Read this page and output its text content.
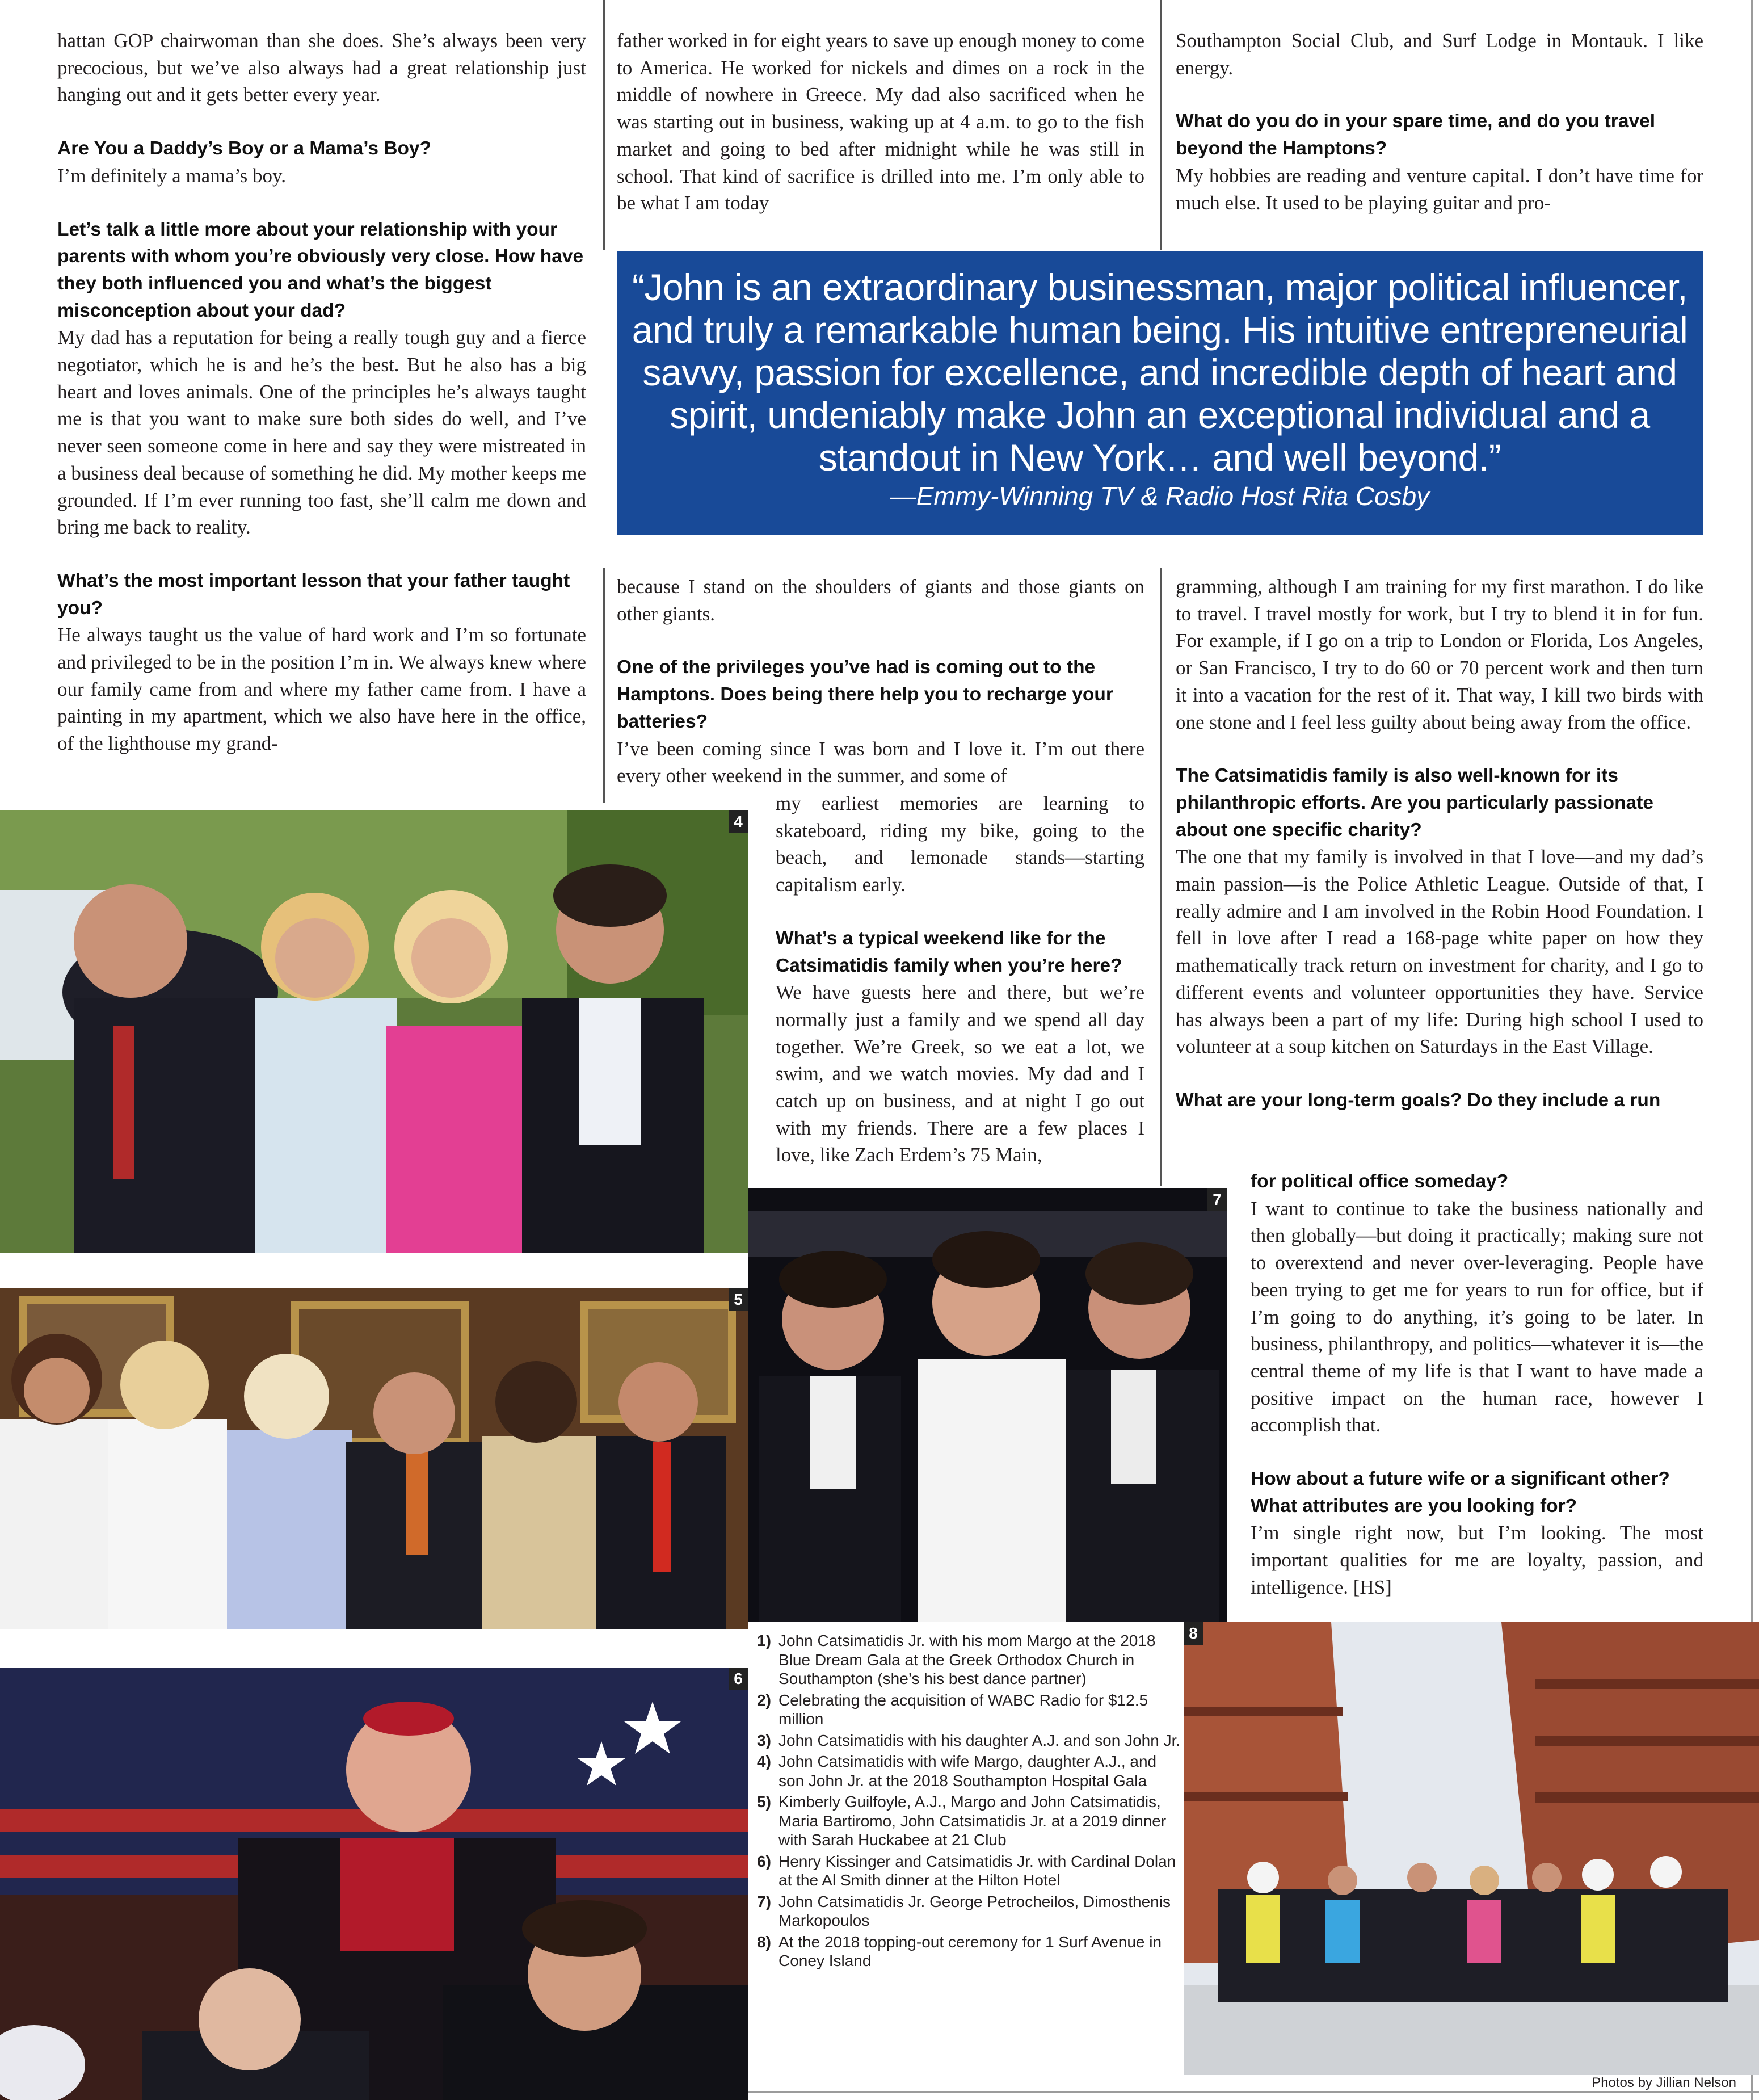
hattan GOP chairwoman than she does. She’s always been very precocious, but we’ve also always had a great relationship just hanging out and it gets better every year.
Are You a Daddy’s Boy or a Mama’s Boy?
I’m definitely a mama’s boy.
Let’s talk a little more about your relationship with your parents with whom you’re obviously very close. How have they both influenced you and what’s the biggest misconception about your dad?
My dad has a reputation for being a really tough guy and a fierce negotiator, which he is and he’s the best. But he also has a big heart and loves animals. One of the principles he’s always taught me is that you want to make sure both sides do well, and I’ve never seen someone come in here and say they were mistreated in a business deal because of something he did. My mother keeps me grounded. If I’m ever running too fast, she’ll calm me down and bring me back to reality.
What’s the most important lesson that your father taught you?
He always taught us the value of hard work and I’m so fortunate and privileged to be in the position I’m in. We always knew where our family came from and where my father came from. I have a painting in my apartment, which we also have here in the office, of the lighthouse my grand-
father worked in for eight years to save up enough money to come to America. He worked for nickels and dimes on a rock in the middle of nowhere in Greece. My dad also sacrificed when he was starting out in business, waking up at 4 a.m. to go to the fish market and going to bed after midnight while he was still in school. That kind of sacrifice is drilled into me. I’m only able to be what I am today
Southampton Social Club, and Surf Lodge in Montauk. I like energy.
What do you do in your spare time, and do you travel beyond the Hamptons?
My hobbies are reading and venture capital. I don’t have time for much else. It used to be playing guitar and pro-
“John is an extraordinary businessman, major political influencer, and truly a remarkable human being. His intuitive entrepreneurial savvy, passion for excellence, and incredible depth of heart and spirit, undeniably make John an exceptional individual and a standout in New York… and well beyond.”
—Emmy-Winning TV & Radio Host Rita Cosby
because I stand on the shoulders of giants and those giants on other giants.
One of the privileges you’ve had is coming out to the Hamptons. Does being there help you to recharge your batteries?
I’ve been coming since I was born and I love it. I’m out there every other weekend in the summer, and some of
my earliest memories are learning to skateboard, riding my bike, going to the beach, and lemonade stands—starting capitalism early.
What’s a typical weekend like for the Catsimatidis family when you’re here?
We have guests here and there, but we’re normally just a family and we spend all day together. We’re Greek, so we eat a lot, we swim, and we watch movies. My dad and I catch up on business, and at night I go out with my friends. There are a few places I love, like Zach Erdem’s 75 Main,
gramming, although I am training for my first marathon. I do like to travel. I travel mostly for work, but I try to blend it in for fun. For example, if I go on a trip to London or Florida, Los Angeles, or San Francisco, I try to do 60 or 70 percent work and then turn it into a vacation for the rest of it. That way, I kill two birds with one stone and I feel less guilty about being away from the office.
The Catsimatidis family is also well-known for its philanthropic efforts. Are you particularly passionate about one specific charity?
The one that my family is involved in that I love—and my dad’s main passion—is the Police Athletic League. Outside of that, I really admire and I am involved in the Robin Hood Foundation. I fell in love after I read a 168-page white paper on how they mathematically track return on investment for charity, and I go to different events and volunteer opportunities they have. Service has always been a part of my life: During high school I used to volunteer at a soup kitchen on Saturdays in the East Village.
What are your long-term goals? Do they include a run
for political office someday?
I want to continue to take the business nationally and then globally—but doing it practically; making sure not to overextend and never over-leveraging. People have been trying to get me for years to run for office, but if I’m going to do anything, it’s going to be later. In business, philanthropy, and politics––whatever it is––the central theme of my life is that I want to have made a positive impact on the human race, however I accomplish that.
How about a future wife or a significant other? What attributes are you looking for?
I’m single right now, but I’m looking. The most important qualities for me are loyalty, passion, and intelligence. [HS]
4
5
6
7
8
1) John Catsimatidis Jr. with his mom Margo at the 2018 Blue Dream Gala at the Greek Orthodox Church in Southampton (she’s his best dance partner)
2) Celebrating the acquisition of WABC Radio for $12.5 million
3) John Catsimatidis with his daughter A.J. and son John Jr.
4) John Catsimatidis with wife Margo, daughter A.J., and son John Jr. at the 2018 Southampton Hospital Gala
5) Kimberly Guilfoyle, A.J., Margo and John Catsimatidis, Maria Bartiromo, John Catsimatidis Jr. at a 2019 dinner with Sarah Huckabee at 21 Club
6) Henry Kissinger and Catsimatidis Jr. with Cardinal Dolan at the Al Smith dinner at the Hilton Hotel
7) John Catsimatidis Jr. George Petrocheilos, Dimosthenis Markopoulos
8) At the 2018 topping-out ceremony for 1 Surf Avenue in Coney Island
Photos by Jillian Nelson
